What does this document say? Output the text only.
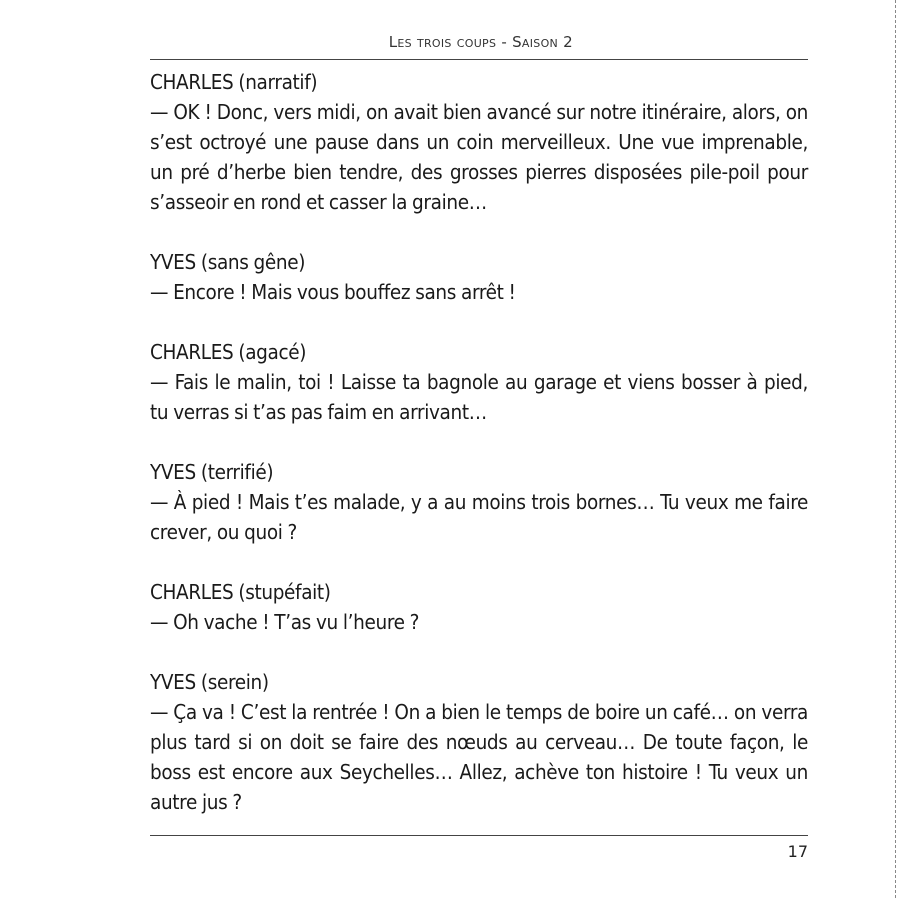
Les trois coups - Saison 2
CHARLES (narratif)
— OK ! Donc, vers midi, on avait bien avancé sur notre itinéraire, alors, on s’est octroyé une pause dans un coin merveilleux. Une vue imprenable, un pré d’herbe bien tendre, des grosses pierres disposées pile-poil pour s’asseoir en rond et casser la graine…
YVES (sans gêne)
— Encore ! Mais vous bouffez sans arrêt !
CHARLES (agacé)
— Fais le malin, toi ! Laisse ta bagnole au garage et viens bosser à pied, tu verras si t’as pas faim en arrivant…
YVES (terrifié)
— À pied ! Mais t’es malade, y a au moins trois bornes… Tu veux me faire crever, ou quoi ?
CHARLES (stupéfait)
— Oh vache ! T’as vu l’heure ?
YVES (serein)
— Ça va ! C’est la rentrée ! On a bien le temps de boire un café… on verra plus tard si on doit se faire des nœuds au cerveau… De toute façon, le boss est encore aux Seychelles… Allez, achève ton histoire ! Tu veux un autre jus ?
17
